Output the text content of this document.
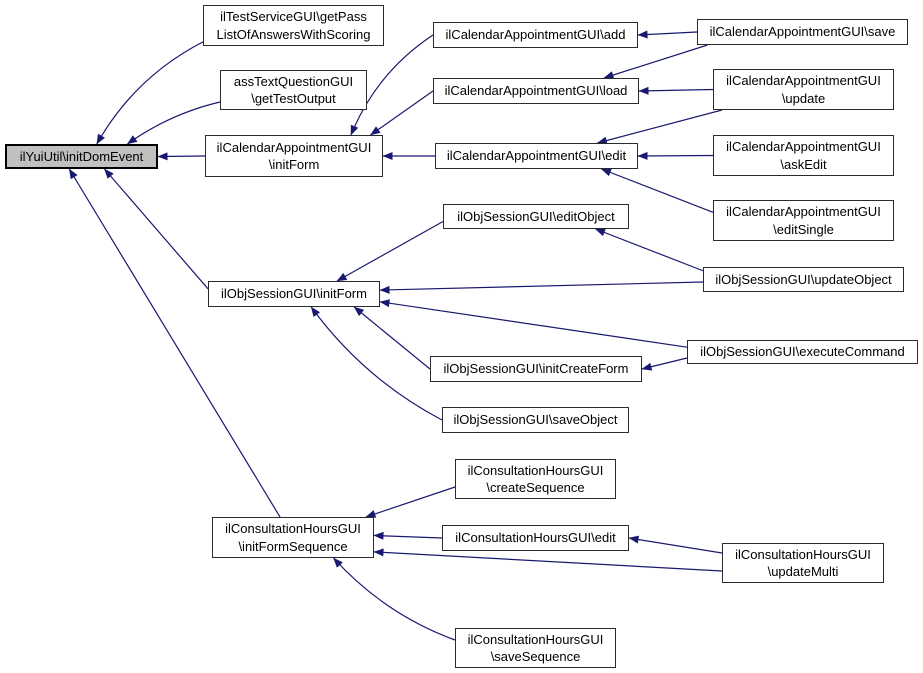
ilYuiUtil\initDomEvent
ilTestServiceGUI\getPass
ListOfAnswersWithScoring
assTextQuestionGUI
\getTestOutput
ilCalendarAppointmentGUI
\initForm
ilCalendarAppointmentGUI\add
ilCalendarAppointmentGUI\load
ilCalendarAppointmentGUI\edit
ilCalendarAppointmentGUI\save
ilCalendarAppointmentGUI
\update
ilCalendarAppointmentGUI
\askEdit
ilCalendarAppointmentGUI
\editSingle
ilObjSessionGUI\editObject
ilObjSessionGUI\initForm
ilObjSessionGUI\updateObject
ilObjSessionGUI\executeCommand
ilObjSessionGUI\initCreateForm
ilObjSessionGUI\saveObject
ilConsultationHoursGUI
\initFormSequence
ilConsultationHoursGUI
\createSequence
ilConsultationHoursGUI\edit
ilConsultationHoursGUI
\updateMulti
ilConsultationHoursGUI
\saveSequence
